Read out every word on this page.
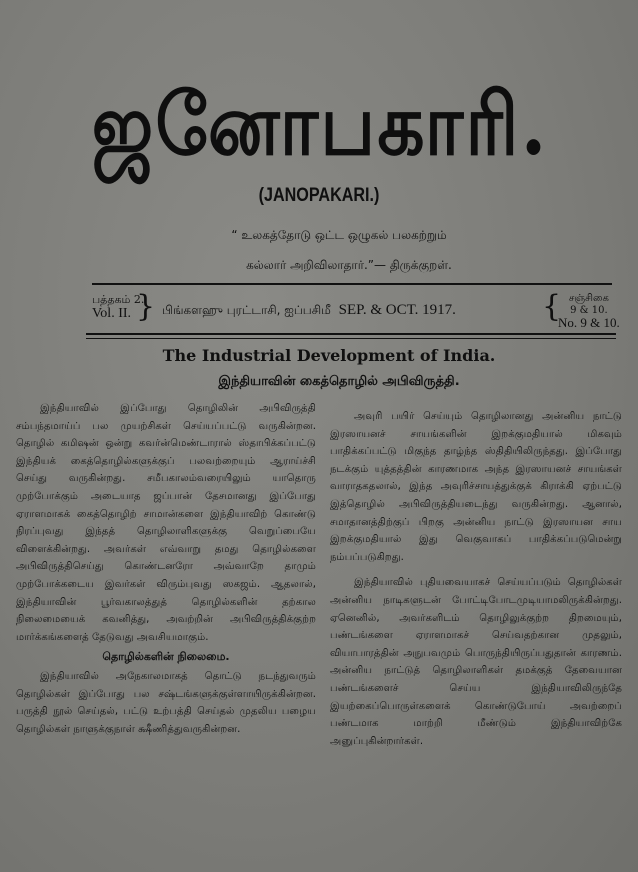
ஜனோபகாரி.
(JANOPAKARI.)
“ உலகத்தோடு ஒட்ட ஒழுகல் பலகற்றும்
கல்லார் அறிவிலாதார்.”— திருக்குறள்.
பத்தகம் 2.
Vol. II. } பிங்களஹு புரட்டாசி, ஐப்பசிமீ SEP. & OCT. 1917.	{ சஞ்சிகை
9 & 10.
No. 9 & 10.
The Industrial Development of India.
இந்தியாவின் கைத்தொழில் அபிவிருத்தி.

இந்தியாவில் இப்போது தொழிலின் அபிவிருத்தி சம்பந்தமாய்ப் பல முயற்சிகள் செய்யப்பட்டு வருகின்றன. தொழில் கமிஷன் ஒன்று கவர்ன்மெண்டாரால் ஸ்தாபிக்கப்பட்டு இந்தியக் கைத்தொழில்களுக்குப் பலவற்றையும் ஆராய்ச்சி செய்து வருகின்றது. சமீபகாலம்வரையிலும் யாதொரு முற்போக்கும் அடையாத ஜப்பான் தேசமானது இப்போது ஏராளமாகக் கைத்தொழிற் சாமான்களை இந்தியாவிற் கொண்டு நிரப்புவது இந்தத் தொழிலாளிகளுக்கு வெறுப்பையே விளைக்கின்றது. அவர்கள் எவ்வாறு தமது தொழில்களை அபிவிருத்திசெய்து கொண்டனரோ அவ்வாறே தாமும் முற்போக்கடைய இவர்கள் விரும்புவது ஸகஜம். ஆதலால், இந்தியாவின் பூர்வகாலத்துத் தொழில்களின் தற்கால நிலைமையைக் கவனித்து, அவற்றின் அபிவிருத்திக்குற்ற மார்க்கங்களைத் தேடுவது அவசியமாகும்.

தொழில்களின் நிலைமை.

இந்தியாவில் அநேகாலமாகத் தொட்டு நடந்துவரும் தொழில்கள் இப்போது பல சஷ்டங்களுக்குள்ளாயிருக்கின்றன. பருத்தி நூல் செய்தல், பட்டு உற்பத்தி செய்தல் முதலிய பழைய தொழில்கள் நாளுக்குநாள் க்ஷீணித்துவருகின்றன.

அவுரி பயிர் செய்யும் தொழிலானது அன்னிய நாட்டு இரஸாயனச் சாயங்களின் இறக்குமதியால் மிகவும் பாதிக்கப்பட்டு மிகுந்த தாழ்ந்த ஸ்திதியிலிருந்தது. இப்போது நடக்கும் யுத்தத்தின் காரணமாக அந்த இரஸாயனச் சாயங்கள் வாராதகதலால், இந்த அவுரிச்சாயத்துக்குக் கிராக்கி ஏற்பட்டு இத்தொழில் அபிவிருத்தியடைந்து வருகின்றது. ஆனால், சமாதானத்திற்குப் பிறகு அன்னிய நாட்டு இரஸாயன சாய இறக்குமதியால் இது வெகுவாகப் பாதிக்கப்படுமென்று நம்பப்படுகிறது.

இந்தியாவில் புதியவையாகச் செய்யப்படும் தொழில்கள் அன்னிய நாடிகளுடன் போட்டிபோடமுடியாமலிருக்கின்றது. ஏனெனில், அவர்களிடம் தொழிலுக்குற்ற திறமையும், பண்டங்களை ஏராளமாகச் செய்வதற்கான முதலும், வியாபாரத்தின் அநுபவமும் பொருந்தியிருப்பதுதான் காரணம். அன்னிய நாட்டுத் தொழிலாளிகள் தமக்குத் தேவையான பண்டங்களைச் செய்ய இந்தியாவிலிருந்தே இயற்கைப்பொருள்களைக் கொண்டுபோய் அவற்றைப் பண்டமாக மாற்றி மீண்டும் இந்தியாவிற்கே அனுப்புகின்றார்கள்.
